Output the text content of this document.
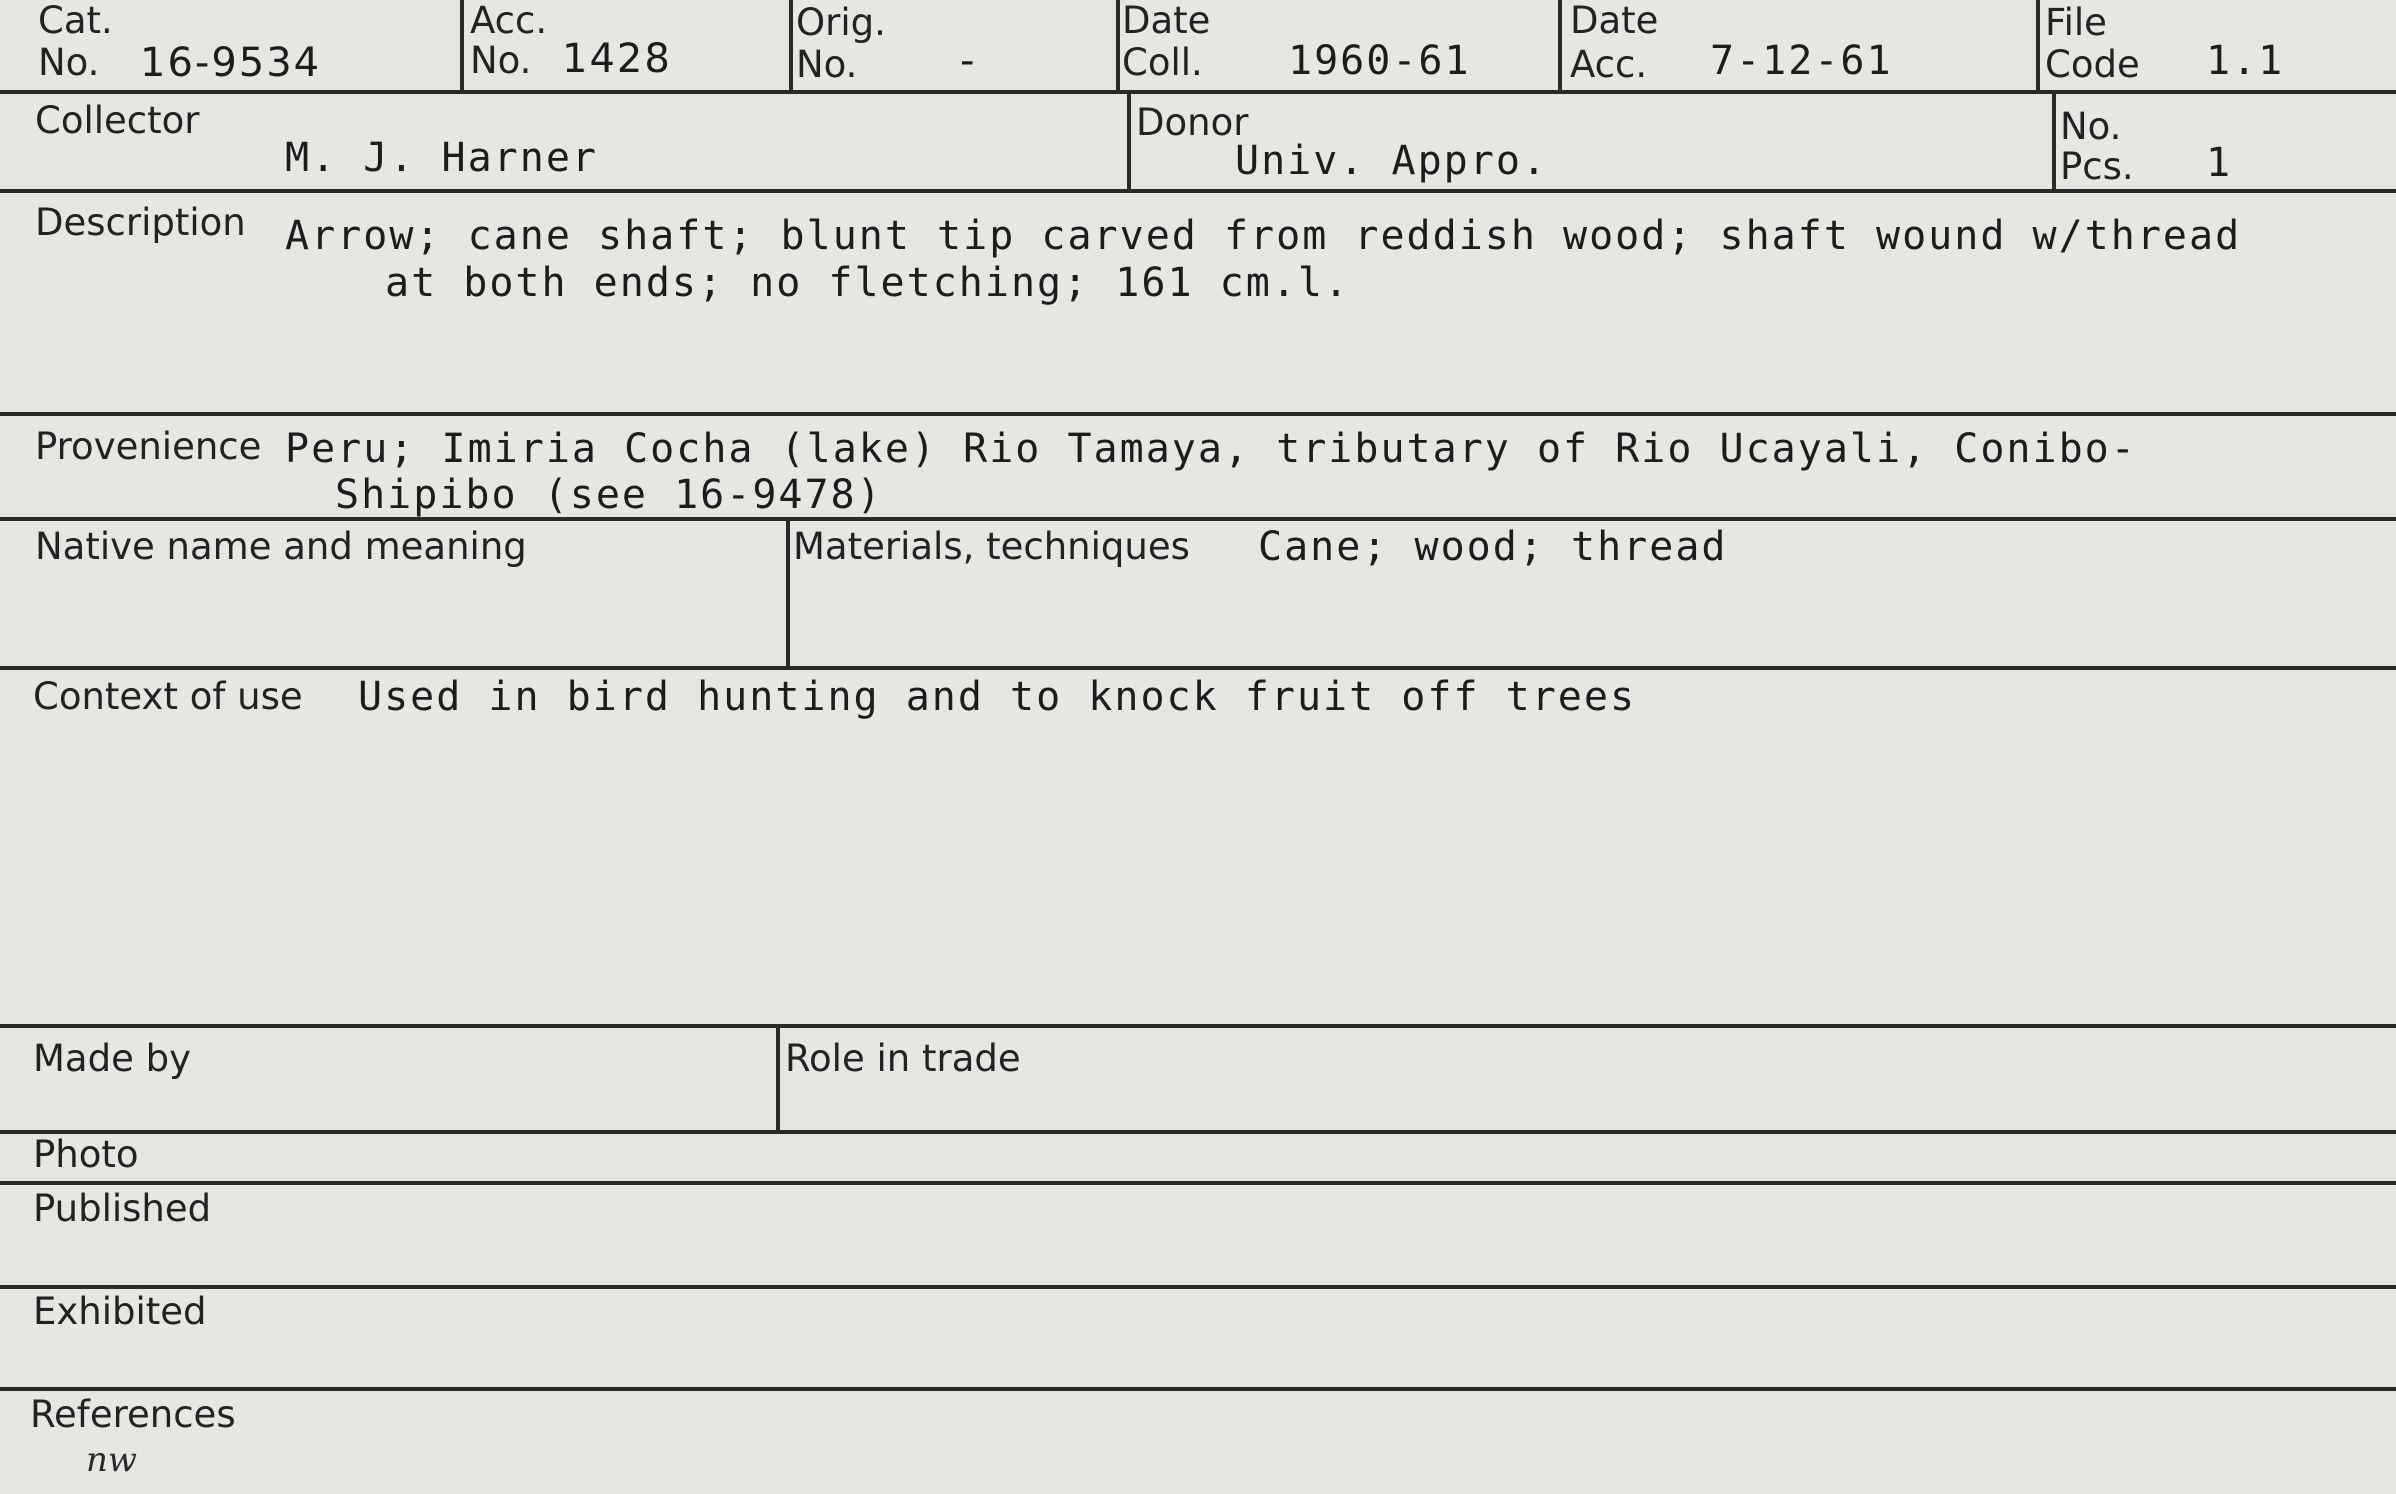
Cat.
No. 16-9534
Acc.
No. 1428
Orig.
No.	-
Date
Coll. 1960-61
Date
Acc. 7-12-61
File
Code 1.1
Collector
M. J. Harner
Donor
Univ. Appro.
No.
Pcs. 1
Description Arrow; cane shaft; blunt tip carved from reddish wood; shaft wound w/thread
at both ends; no fletching; 161 cm.l.
Provenience Peru; Imiria Cocha (lake) Rio Tamaya, tributary of Rio Ucayali, Conibo-
Shipibo (see 16-9478)
Native name and meaning	Materials, techniques Cane; wood; thread
Context of use Used in bird hunting and to knock fruit off trees
Made by	Role in trade
Photo
Published
Exhibited
References
nw
